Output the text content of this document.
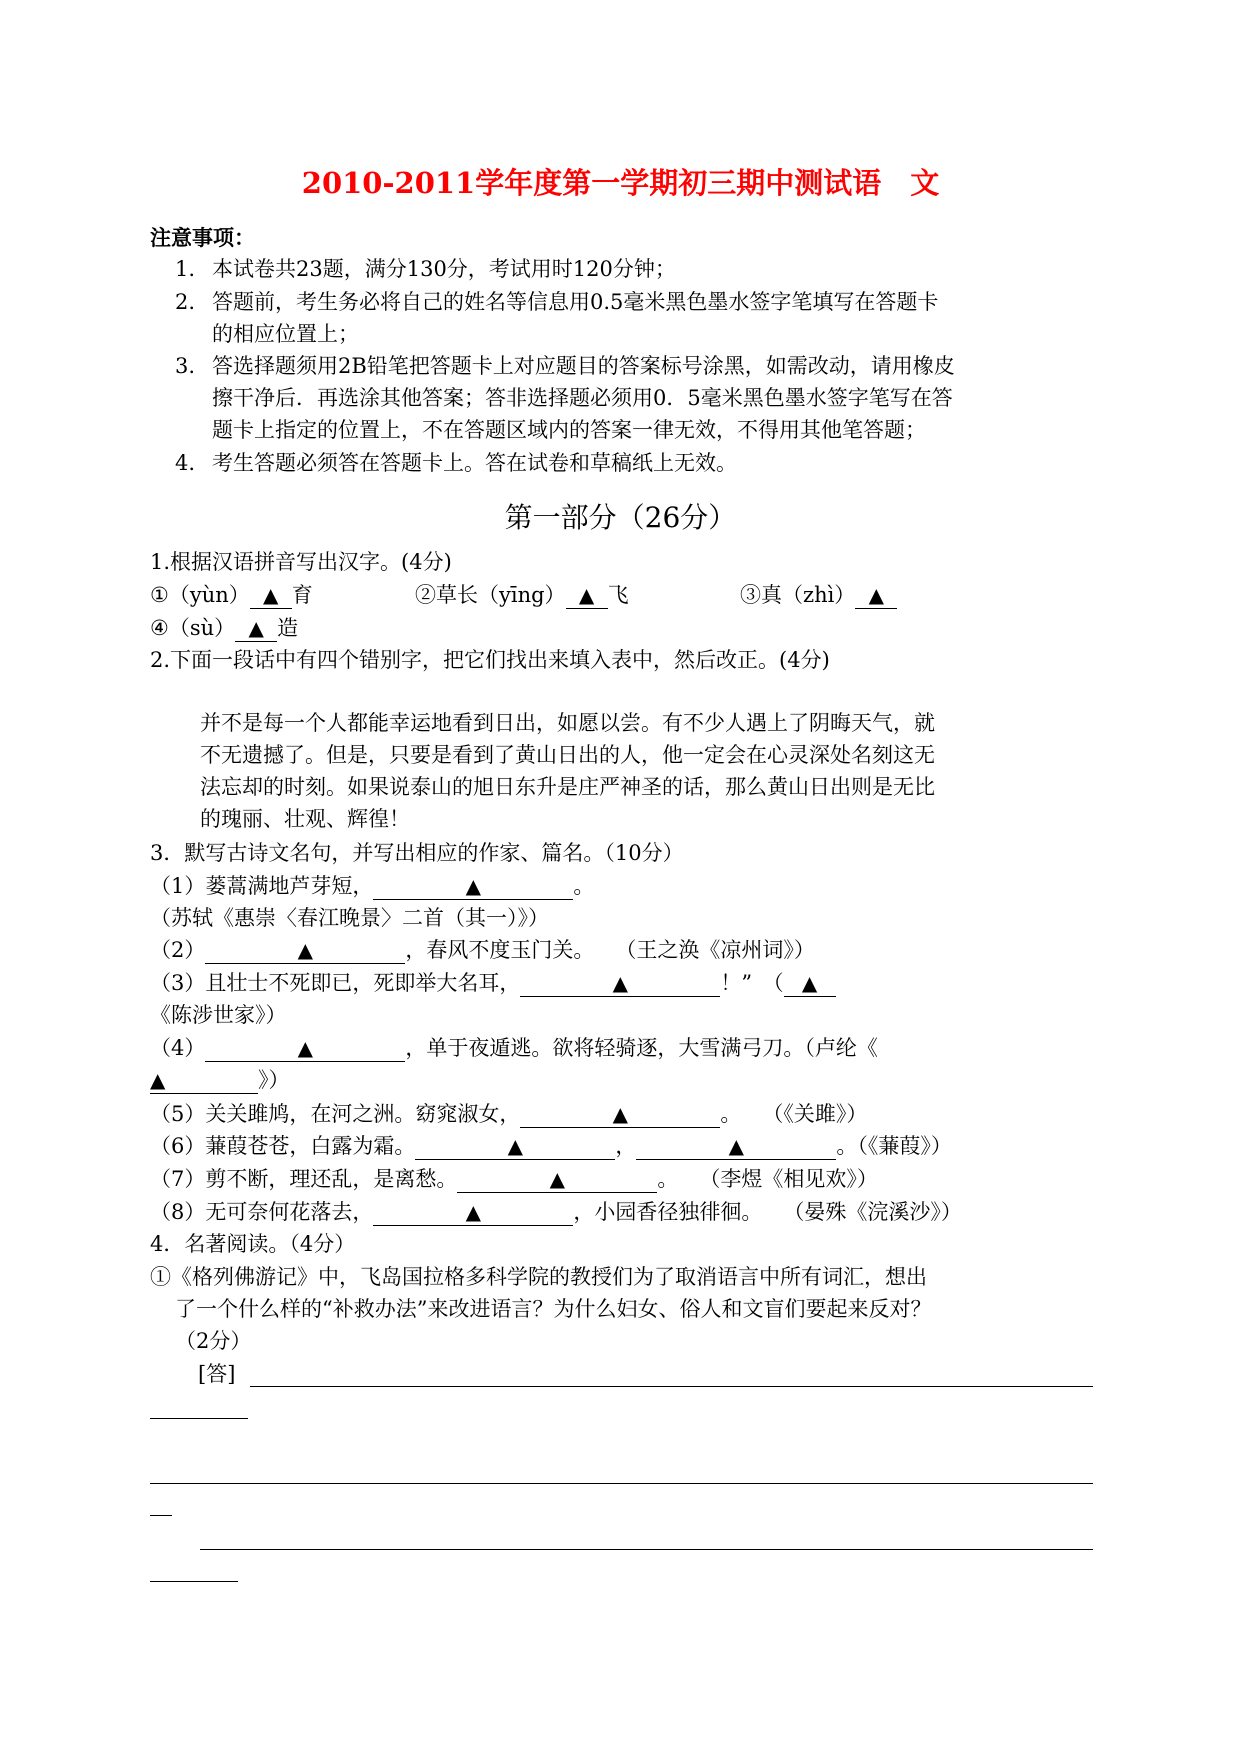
2010-2011学年度第一学期初三期中测试语　文
注意事项：
1. 本试卷共23题，满分130分，考试用时120分钟；
2. 答题前，考生务必将自己的姓名等信息用0.5毫米黑色墨水签字笔填写在答题卡
的相应位置上；
3. 答选择题须用2B铅笔把答题卡上对应题目的答案标号涂黑，如需改动，请用橡皮
擦干净后．再选涂其他答案；答非选择题必须用0．5毫米黑色墨水签字笔写在答
题卡上指定的位置上，不在答题区域内的答案一律无效，不得用其他笔答题；
4. 考生答题必须答在答题卡上。答在试卷和草稿纸上无效。
第一部分（26分）
1.根据汉语拼音写出汉字。(4分)
①（yùn） ▲ 育	②草长（yīng） ▲ 飞	③真（zhì） ▲
④（sù） ▲ 造
2.下面一段话中有四个错别字，把它们找出来填入表中，然后改正。(4分)
并不是每一个人都能幸运地看到日出，如愿以尝。有不少人遇上了阴晦天气，就
不无遗撼了。但是，只要是看到了黄山日出的人，他一定会在心灵深处名刻这无
法忘却的时刻。如果说泰山的旭日东升是庄严神圣的话，那么黄山日出则是无比
的瑰丽、壮观、辉徨！
3．默写古诗文名句，并写出相应的作家、篇名。（10分）
（1）蒌蒿满地芦芽短，	▲	。
（苏轼《惠崇〈春江晚景〉二首（其一）》）
（2）	▲	，春风不度玉门关。　　（王之涣《凉州词》）
（3）且壮士不死即已，死即举大名耳，	▲	！”　（ ▲
《陈涉世家》）
（4）	▲	，单于夜遁逃。欲将轻骑逐，大雪满弓刀。（卢纶《
▲	》）
（5）关关雎鸠，在河之洲。窈窕淑女，	▲	。　　（《关雎》）
（6）蒹葭苍苍，白露为霜。	▲	，	▲	。（《蒹葭》）
（7）剪不断，理还乱，是离愁。	▲	。　　（李煜《相见欢》）
（8）无可奈何花落去，	▲	，小园香径独徘徊。　　（晏殊《浣溪沙》）
4．名著阅读。（4分）
①《格列佛游记》中，飞岛国拉格多科学院的教授们为了取消语言中所有词汇，想出
了一个什么样的“补救办法”来改进语言？为什么妇女、俗人和文盲们要起来反对？
（2分）
[答]
